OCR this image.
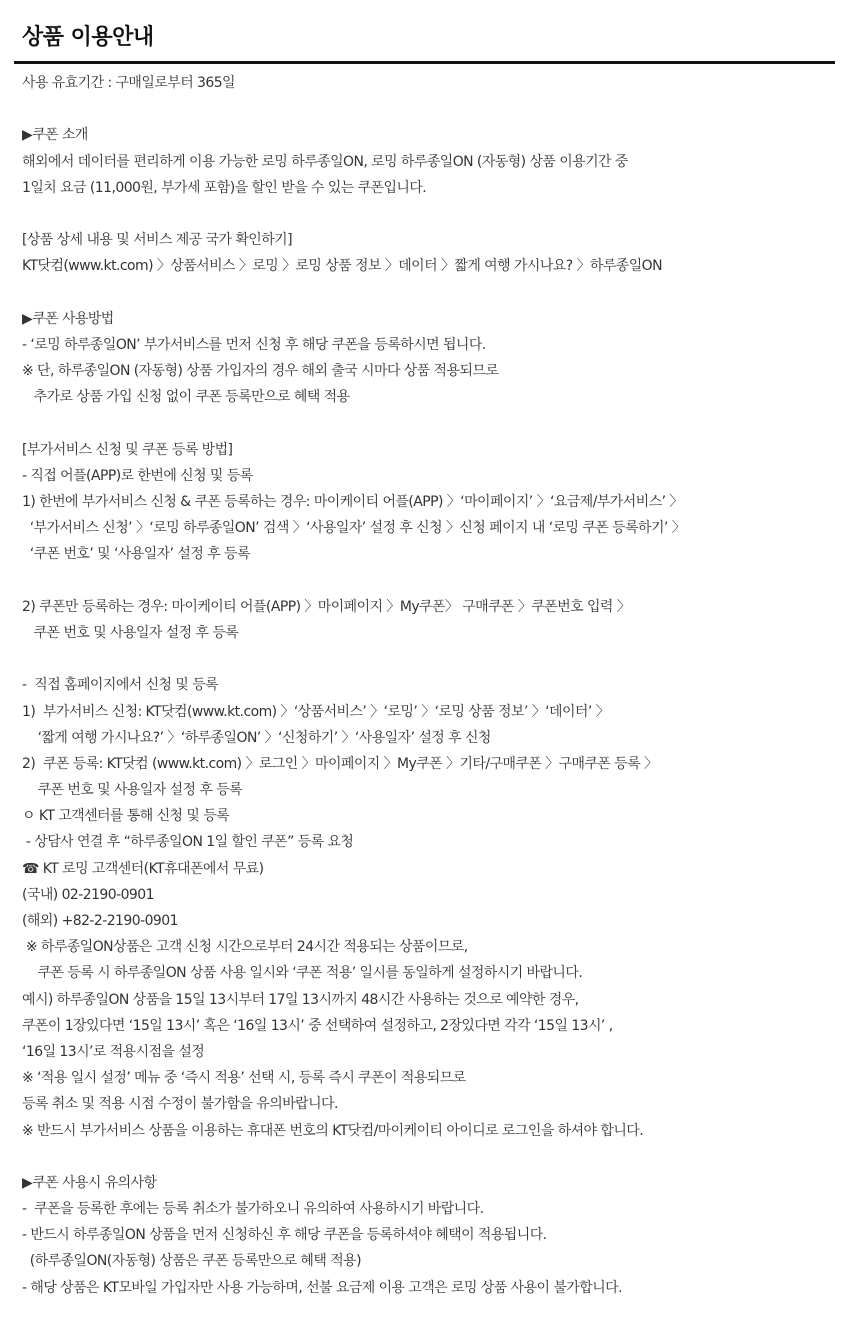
상품 이용안내
사용 유효기간 : 구매일로부터 365일
▶쿠폰 소개
해외에서 데이터를 편리하게 이용 가능한 로밍 하루종일ON, 로밍 하루종일ON (자동형) 상품 이용기간 중
1일치 요금 (11,000원, 부가세 포함)을 할인 받을 수 있는 쿠폰입니다.
[상품 상세 내용 및 서비스 제공 국가 확인하기]
KT닷컴(www.kt.com) 〉상품서비스 〉로밍 〉로밍 상품 정보 〉데이터 〉짧게 여행 가시나요? 〉하루종일ON
▶쿠폰 사용방법
- ‘로밍 하루종일ON’ 부가서비스를 먼저 신청 후 해당 쿠폰을 등록하시면 됩니다.
※ 단, 하루종일ON (자동형) 상품 가입자의 경우 해외 출국 시마다 상품 적용되므로
추가로 상품 가입 신청 없이 쿠폰 등록만으로 혜택 적용
[부가서비스 신청 및 쿠폰 등록 방법]
- 직접 어플(APP)로 한번에 신청 및 등록
1) 한번에 부가서비스 신청 & 쿠폰 등록하는 경우: 마이케이티 어플(APP) 〉‘마이페이지’ 〉‘요금제/부가서비스’ 〉
‘부가서비스 신청’ 〉‘로밍 하루종일ON’ 검색 〉‘사용일자’ 설정 후 신청 〉신청 페이지 내 ‘로밍 쿠폰 등록하기’ 〉
‘쿠폰 번호’ 및 ‘사용일자’ 설정 후 등록
2) 쿠폰만 등록하는 경우: 마이케이티 어플(APP) 〉마이페이지 〉My쿠폰〉 구매쿠폰 〉쿠폰번호 입력 〉
쿠폰 번호 및 사용일자 설정 후 등록
-  직접 홈페이지에서 신청 및 등록
1)  부가서비스 신청: KT닷컴(www.kt.com) 〉‘상품서비스’ 〉‘로밍’ 〉‘로밍 상품 정보’ 〉‘데이터’ 〉
‘짧게 여행 가시나요?’ 〉‘하루종일ON’ 〉‘신청하기’ 〉‘사용일자’ 설정 후 신청
2)  쿠폰 등록: KT닷컴 (www.kt.com) 〉로그인 〉마이페이지 〉My쿠폰 〉기타/구매쿠폰 〉구매쿠폰 등록 〉
쿠폰 번호 및 사용일자 설정 후 등록
ㅇ KT 고객센터를 통해 신청 및 등록
- 상담사 연결 후 “하루종일ON 1일 할인 쿠폰” 등록 요청
☎ KT 로밍 고객센터(KT휴대폰에서 무료)
(국내) 02-2190-0901
(해외) +82-2-2190-0901
※ 하루종일ON상품은 고객 신청 시간으로부터 24시간 적용되는 상품이므로,
쿠폰 등록 시 하루종일ON 상품 사용 일시와 ‘쿠폰 적용’ 일시를 동일하게 설정하시기 바랍니다.
예시) 하루종일ON 상품을 15일 13시부터 17일 13시까지 48시간 사용하는 것으로 예약한 경우,
쿠폰이 1장있다면 ‘15일 13시’ 혹은 ‘16일 13시’ 중 선택하여 설정하고, 2장있다면 각각 ‘15일 13시’ ,
‘16일 13시’로 적용시점을 설정
※ ‘적용 일시 설정’ 메뉴 중 ‘즉시 적용’ 선택 시, 등록 즉시 쿠폰이 적용되므로
등록 취소 및 적용 시점 수정이 불가함을 유의바랍니다.
※ 반드시 부가서비스 상품을 이용하는 휴대폰 번호의 KT닷컴/마이케이티 아이디로 로그인을 하셔야 합니다.
▶쿠폰 사용시 유의사항
-  쿠폰을 등록한 후에는 등록 취소가 불가하오니 유의하여 사용하시기 바랍니다.
- 반드시 하루종일ON 상품을 먼저 신청하신 후 해당 쿠폰을 등록하셔야 혜택이 적용됩니다.
(하루종일ON(자동형) 상품은 쿠폰 등록만으로 혜택 적용)
- 해당 상품은 KT모바일 가입자만 사용 가능하며, 선불 요금제 이용 고객은 로밍 상품 사용이 불가합니다.
